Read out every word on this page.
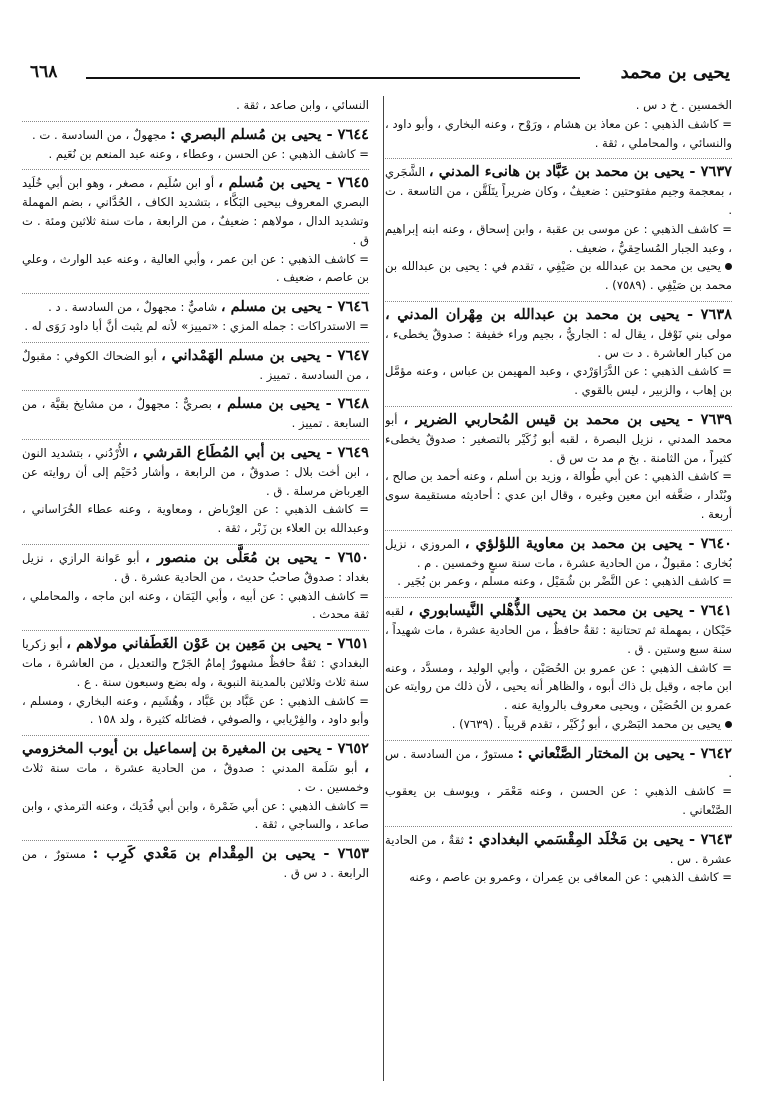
٦٦٨	يحيى بن محمد

الخمسين . خ د س .

= كاشف الذهبي : عن معاذ بن هشام ، ورَوْح ، وعنه البخاري ، وأبو داود ، والنسائي ، والمحاملي ، ثقة .

٧٦٣٧ - يحيى بن محمد بن عَبَّاد بن هانىء المدني ، الشَّجَري ، بمعجمة وجيم مفتوحتين : ضعيفٌ ، وكان ضريراً يتَلَقَّن ، من التاسعة . ت .

= كاشف الذهبي : عن موسى بن عقبة ، وابن إسحاق ، وعنه ابنه إبراهيم ، وعبد الجبار المُساحِقيُّ ، ضعيف .

يحيى بن محمد بن عبدالله بن صَيْفِي ، تقدم في : يحيى بن عبدالله بن محمد بن صَيْفِي . (٧٥٨٩) .

٧٦٣٨ - يحيى بن محمد بن عبدالله بن مِهْران المدني ، مولى بني نَوْفل ، يقال له : الجاريُّ ، بجيم وراء خفيفة : صدوقٌ يخطىء ، من كبار العاشرة . د ت س .

= كاشف الذهبي : عن الدَّرَاوَرْدي ، وعبد المهيمن بن عباس ، وعنه مؤمَّل بن إهاب ، والزبير ، ليس بالقوي .

٧٦٣٩ - يحيى بن محمد بن قيس المُحاربي الضرير ، أبو محمد المدني ، نزيل البصرة ، لقبه أبو زُكَيْر بالتصغير : صدوقٌ يخطىء كثيراً ، من الثامنة . بخ م مد ت س ق .

= كاشف الذهبي : عن أبي طُوالة ، وزيد بن أسلم ، وعنه أحمد بن صالح ، وبُنْدار ، ضعَّفه ابن معين وغيره ، وقال ابن عدي : أحاديثه مستقيمة سوى أربعة .

٧٦٤٠ - يحيى بن محمد بن معاوية اللؤلؤي ، المروزي ، نزيل بُخارى : مقبولٌ ، من الحادية عشرة ، مات سنة سبعٍ وخمسين . م .

= كاشف الذهبي : عن النَّضْر بن شُمَيْل ، وعنه مسلم ، وعمر بن بُجَير .

٧٦٤١ - يحيى بن محمد بن يحيى الذُّهْلي النَّيسابوري ، لقبه حَيْكان ، بمهملة ثم تحتانية : ثقةٌ حافظٌ ، من الحادية عشرة ، مات شهيداً ، سنة سبع وستين . ق .

= كاشف الذهبي : عن عمرو بن الحُصَيْن ، وأبي الوليد ، ومسدَّد ، وعنه ابن ماجه ، وقيل بل ذاك أبوه ، والظاهر أنه يحيى ، لأن ذلك من روايته عن عمرو بن الحُصَيْن ، ويحيى معروف بالرواية عنه .

يحيى بن محمد البَصْري ، أبو زُكَيْر ، تقدم قريباً . (٧٦٣٩) .

٧٦٤٢ - يحيى بن المختار الصَّنْعاني : مستورٌ ، من السادسة . س .

= كاشف الذهبي : عن الحسن ، وعنه مَعْمَر ، ويوسف بن يعقوب الصَّنْعاني .

٧٦٤٣ - يحيى بن مَخْلَد المِقْسَمي البغدادي : ثقةٌ ، من الحادية عشرة . س .

= كاشف الذهبي : عن المعافى بن عِمران ، وعمرو بن عاصم ، وعنه

النسائي ، وابن صاعد ، ثقة .

٧٦٤٤ - يحيى بن مُسلم البصري : مجهولٌ ، من السادسة . ت .

= كاشف الذهبي : عن الحسن ، وعطاء ، وعنه عبد المنعم بن نُعَيم .

٧٦٤٥ - يحيى بن مُسلم ، أو ابن سُلَيم ، مصغر ، وهو ابن أبي خُلَيد البصري المعروف بيحيى البَكَّاء ، بتشديد الكاف ، الحُدَّاني ، بضم المهملة وتشديد الدال ، مولاهم : ضعيفٌ ، من الرابعة ، مات سنة ثلاثين ومئة . ت ق .

= كاشف الذهبي : عن ابن عمر ، وأبي العالية ، وعنه عبد الوارث ، وعلي بن عاصم ، ضعيف .

٧٦٤٦ - يحيى بن مسلم ، شاميٌّ : مجهولٌ ، من السادسة . د .

= الاستدراكات : جمله المزي : «تمييز» لأنه لم يثبت أنَّ أبا داود رَوَى له .

٧٦٤٧ - يحيى بن مسلم الهَمْداني ، أبو الضحاك الكوفي : مقبولٌ ، من السادسة . تمييز .

٧٦٤٨ - يحيى بن مسلم ، بصريٌّ : مجهولٌ ، من مشايخ بقيَّة ، من السابعة . تمييز .

٧٦٤٩ - يحيى بن أبي المُطَاع القرشي ، الأُرْدُني ، بتشديد النون ، ابن أخت بلال : صدوقٌ ، من الرابعة ، وأشار دُحَيْم إلى أن روايته عن العِرباض مرسلة . ق .

= كاشف الذهبي : عن العِرْباض ، ومعاوية ، وعنه عطاء الخُرَاساني ، وعبدالله بن العلاء بن زَبْر ، ثقة .

٧٦٥٠ - يحيى بن مُعَلَّى بن منصور ، أبو عَوانة الرازي ، نزيل بغداد : صدوقٌ صاحبُ حديث ، من الحادية عشرة . ق .

= كاشف الذهبي : عن أبيه ، وأبي اليَمَان ، وعنه ابن ماجه ، والمحاملي ، ثقة محدث .

٧٦٥١ - يحيى بن مَعِين بن عَوْن الغَطَفاني مولاهم ، أبو زكريا البغدادي : ثقةٌ حافظٌ مشهورٌ إمامُ الجَرْح والتعديل ، من العاشرة ، مات سنة ثلاث وثلاثين بالمدينة النبوية ، وله بضع وسبعون سنة . ع .

= كاشف الذهبي : عن عَبَّاد بن عَبَّاد ، وهُشَيم ، وعنه البخاري ، ومسلم ، وأبو داود ، والفِرْيابي ، والصوفي ، فضائله كثيرة ، ولد ١٥٨ .

٧٦٥٢ - يحيى بن المغيرة بن إسماعيل بن أيوب المخزومي ، أبو سَلَمة المدني : صدوقٌ ، من الحادية عشرة ، مات سنة ثلاث وخمسين . ت .

= كاشف الذهبي : عن أبي ضَمْرة ، وابن أبي فُدَيك ، وعنه الترمذي ، وابن صاعد ، والساجي ، ثقة .

٧٦٥٣ - يحيى بن المِقْدام بن مَعْدي كَرِب : مستورٌ ، من الرابعة . د س ق .
